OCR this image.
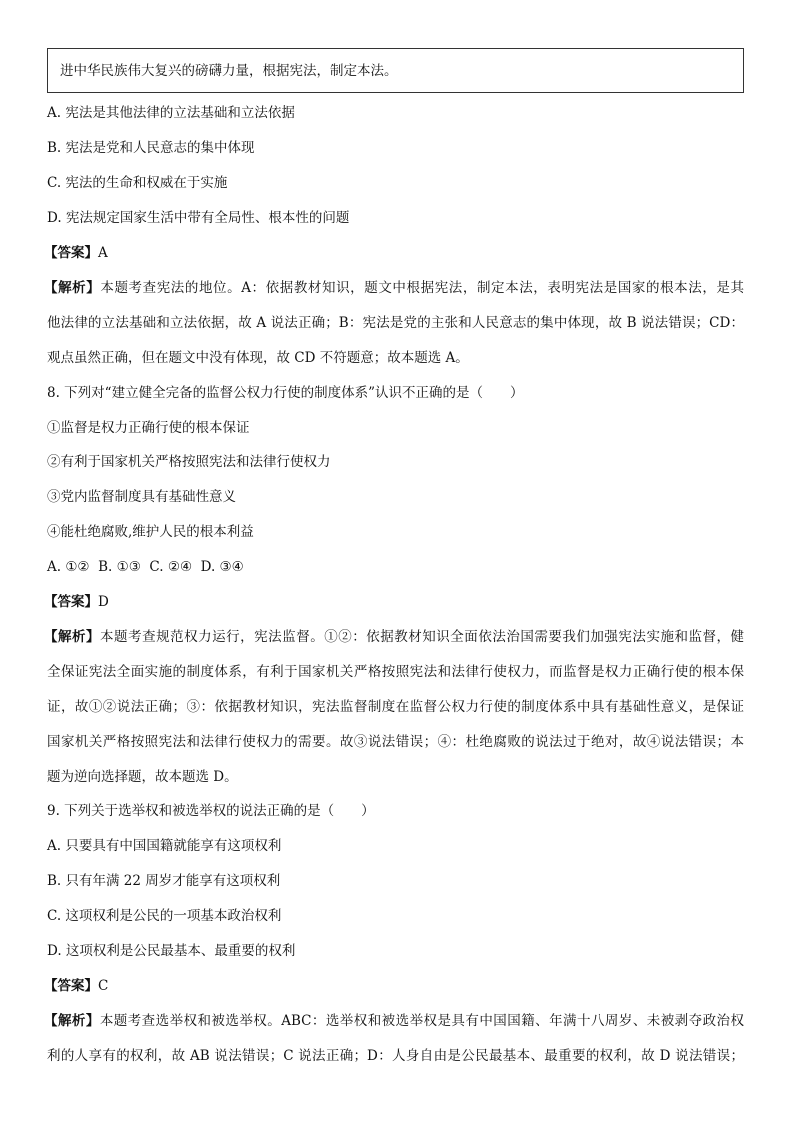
进中华民族伟大复兴的磅礴力量，根据宪法，制定本法。
A. 宪法是其他法律的立法基础和立法依据
B. 宪法是党和人民意志的集中体现
C. 宪法的生命和权威在于实施
D. 宪法规定国家生活中带有全局性、根本性的问题
【答案】A
【解析】本题考查宪法的地位。A：依据教材知识，题文中根据宪法，制定本法，表明宪法是国家的根本法，是其
他法律的立法基础和立法依据，故 A 说法正确；B：宪法是党的主张和人民意志的集中体现，故 B 说法错误；CD：
观点虽然正确，但在题文中没有体现，故 CD 不符题意；故本题选 A。
8. 下列对“建立健全完备的监督公权力行使的制度体系”认识不正确的是（　　）
①监督是权力正确行使的根本保证
②有利于国家机关严格按照宪法和法律行使权力
③党内监督制度具有基础性意义
④能杜绝腐败,维护人民的根本利益
A. ①②  B. ①③  C. ②④  D. ③④
【答案】D
【解析】本题考查规范权力运行，宪法监督。①②：依据教材知识全面依法治国需要我们加强宪法实施和监督，健
全保证宪法全面实施的制度体系，有利于国家机关严格按照宪法和法律行使权力，而监督是权力正确行使的根本保
证，故①②说法正确；③：依据教材知识，宪法监督制度在监督公权力行使的制度体系中具有基础性意义，是保证
国家机关严格按照宪法和法律行使权力的需要。故③说法错误；④：杜绝腐败的说法过于绝对，故④说法错误；本
题为逆向选择题，故本题选 D。
9. 下列关于选举权和被选举权的说法正确的是（　　）
A. 只要具有中国国籍就能享有这项权利
B. 只有年满 22 周岁才能享有这项权利
C. 这项权利是公民的一项基本政治权利
D. 这项权利是公民最基本、最重要的权利
【答案】C
【解析】本题考查选举权和被选举权。ABC：选举权和被选举权是具有中国国籍、年满十八周岁、未被剥夺政治权
利的人享有的权利，故 AB 说法错误；C 说法正确；D：人身自由是公民最基本、最重要的权利，故 D 说法错误；
